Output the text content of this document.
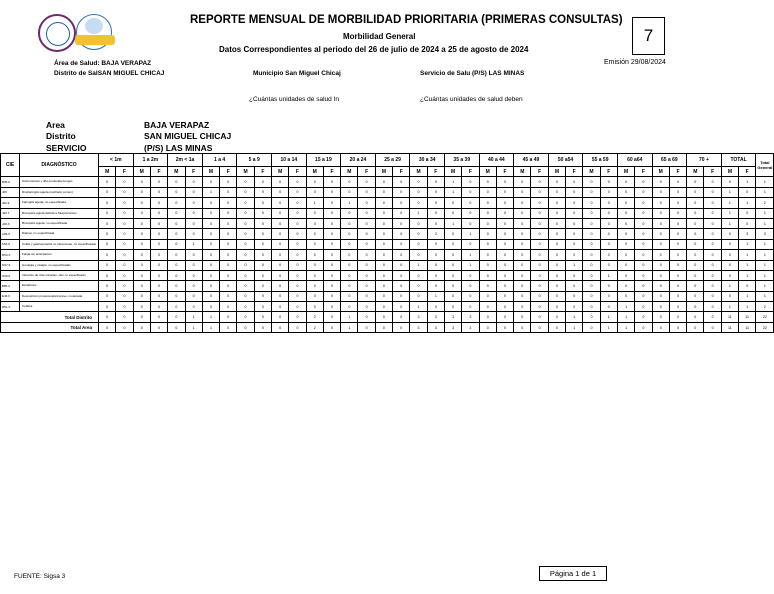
REPORTE MENSUAL DE MORBILIDAD PRIORITARIA (PRIMERAS CONSULTAS)
Morbilidad General
Datos Correspondientes al periodo del 26 de julio de 2024 a 25 de agosto de 2024
7
Emisión 29/08/2024
Área de Salud: BAJA VERAPAZ
Distrito de SalSAN MIGUEL CHICAJ	Municipio San Miguel Chicaj	Servicio de Salu (P/S) LAS MINAS
¿Cuántas unidades de salud In	¿Cuántas unidades de salud deben
Area	BAJA VERAPAZ
Distrito	SAN MIGUEL CHICAJ
SERVICIO	(P/S) LAS MINAS
CIE	DIAGNÓSTICO	< 1m		1 a 2m		2m < 1a		1 a 4		5 a 9		10 a 14		15 a 19		20 a 24		25 a 29		30 a 34		35 a 39		40 a 44		45 a 49		50 a54		55 a 59		60 a64		65 a 69		70 +		TOTAL		Total General
		M	F	M	F	M	F	M	F	M	F	M	F	M	F	M	F	M	F	M	F	M	F	M	F	M	F	M	F	M	F	M	F	M	F	M	F	M	F	
B35.0	Onicomicosis y tiña producida hongos	0	0	0	0	0	0	0	0	0	0	0	0	0	0	0	0	0	0	0	0	1	0	0	0	0	0	0	0	0	0	0	0	0	0	0	0	0	1	1
J06	Rinofaringitis aguda (resfriado común)	0	0	0	0	0	0	1	0	0	0	0	0	0	0	0	0	0	0	0	0	1	0	0	0	0	0	0	0	0	0	0	0	0	0	0	0	1	0	1
J02.9	Faringitis aguda, no especificada	0	0	0	0	0	0	0	0	0	0	0	0	1	0	1	0	0	0	0	0	0	0	0	0	0	0	0	0	0	0	0	0	0	0	0	0	1	1	2
J20.7	Bronquitis aguda debida a Streptococcus	0	0	0	0	0	0	0	0	0	0	0	0	0	0	0	0	0	0	1	0	0	0	0	0	0	0	0	0	0	0	0	0	0	0	0	0	1	0	1
J40.X	Bronquitis aguda, no especificada	0	0	0	0	0	0	0	0	0	0	0	0	0	0	0	0	0	0	0	0	1	0	0	0	0	0	0	0	0	0	0	0	0	0	0	0	1	0	1
A09.X	Diarrea, no especificada	0	0	0	0	0	0	0	0	0	0	0	0	0	0	0	0	0	0	0	2	0	1	0	0	0	0	0	0	0	0	0	0	0	0	0	0	0	3	3
K52.9	Colitis y gastroenteritis no infecciosas, no especificadas	0	0	0	0	0	1	0	0	0	0	0	0	0	0	0	0	0	0	0	0	0	0	0	0	0	0	0	0	0	0	0	0	0	0	0	0	0	1	1
R53.X	Fatiga sin anticipación	0	0	0	0	0	0	0	0	0	0	0	0	0	0	0	0	0	0	0	0	0	1	0	0	0	0	0	0	0	0	0	0	0	0	0	0	0	1	1
M17.9	Gonalgia y mialgia, no especificadas	0	0	0	0	0	0	0	0	0	0	0	0	0	0	0	0	0	0	1	0	0	1	0	0	0	0	0	1	0	0	0	0	0	0	0	0	0	1	1
N39.0	Infección de vías urinarias, sitio no especificado	0	0	0	0	0	0	0	0	0	0	0	0	0	0	0	0	0	0	0	0	0	0	0	0	0	0	0	0	0	1	0	0	0	0	0	0	0	1	1
B86.X	Escabiosis	0	0	0	0	0	0	0	0	0	0	0	0	0	0	0	0	0	0	0	0	0	0	0	0	0	0	0	0	0	0	0	0	0	0	0	0	1	0	1
E46.X	Desnutrición proteicocalórica leve, moderada	0	0	0	0	0	0	0	0	0	0	0	0	0	0	0	0	0	0	0	1	0	0	0	0	0	0	0	0	0	0	0	0	0	0	0	0	0	1	1
R51.X	Cefalea	0	0	0	0	0	0	0	0	0	0	0	0	0	0	0	0	0	0	1	0	0	0	0	0	0	0	0	0	0	0	1	0	0	0	0	0	1	1	2
Total Distrito		0	0	0	0	0	1	1	0	0	0	0	0	2	0	1	0	0	0	3	3	3	3	0	0	0	0	0	1	0	1	1	0	0	0	0	0	11	11	22
Total Area		0	0	0	0	0	1	1	0	0	0	0	0	2	0	1	0	0	0	3	3	3	3	0	0	0	0	0	1	0	1	1	0	0	0	0	0	11	11	22
FUENTE: Sigsa 3	Página 1 de 1
